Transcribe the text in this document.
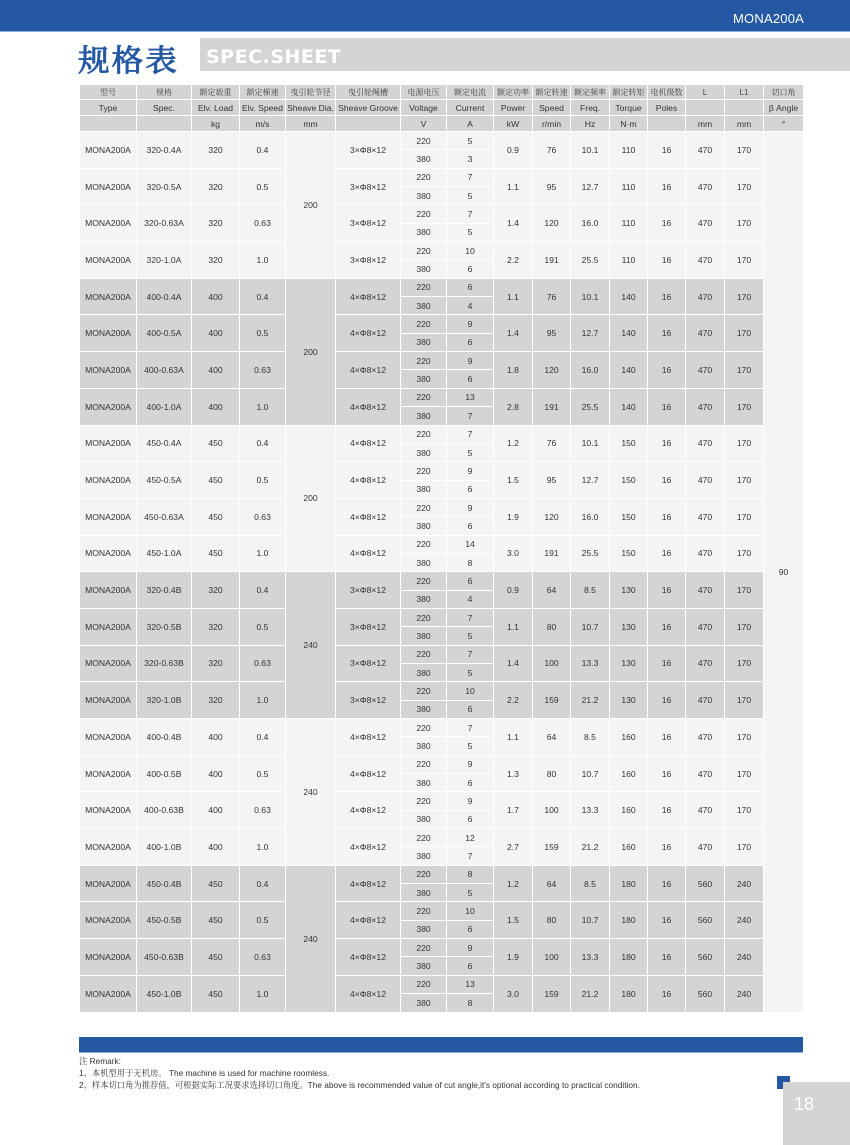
MONA200A
规格表 SPEC.SHEET
型号	规格	额定载重	额定梯速	曳引轮节径	曳引轮绳槽	电源电压	额定电流	额定功率	额定转速	额定频率	额定转矩	电机级数	L	L1	切口角
Type	Spec.	Elv. Load	Elv. Speed	Sheave Dia.	Sheave Groove	Voltage	Current	Power	Speed	Freq.	Torque	Poles			β Angle
		kg	m/s	mm		V	A	kW	r/min	Hz	N·m		mm	mm	°
MONA200A	320-0.4A	320	0.4	200	3×Φ8×12	220	5	0.9	76	10.1	110	16	470	170	90
						380	3								
MONA200A	320-0.5A	320	0.5		3×Φ8×12	220	7	1.1	95	12.7	110	16	470	170	
						380	5								
MONA200A	320-0.63A	320	0.63		3×Φ8×12	220	7	1.4	120	16.0	110	16	470	170	
						380	5								
MONA200A	320-1.0A	320	1.0		3×Φ8×12	220	10	2.2	191	25.5	110	16	470	170	
						380	6								
MONA200A	400-0.4A	400	0.4	200	4×Φ8×12	220	6	1.1	76	10.1	140	16	470	170	
						380	4								
MONA200A	400-0.5A	400	0.5		4×Φ8×12	220	9	1.4	95	12.7	140	16	470	170	
						380	6								
MONA200A	400-0.63A	400	0.63		4×Φ8×12	220	9	1.8	120	16.0	140	16	470	170	
						380	6								
MONA200A	400-1.0A	400	1.0		4×Φ8×12	220	13	2.8	191	25.5	140	16	470	170	
						380	7								
MONA200A	450-0.4A	450	0.4	200	4×Φ8×12	220	7	1.2	76	10.1	150	16	470	170	
						380	5								
MONA200A	450-0.5A	450	0.5		4×Φ8×12	220	9	1.5	95	12.7	150	16	470	170	
						380	6								
MONA200A	450-0.63A	450	0.63		4×Φ8×12	220	9	1.9	120	16.0	150	16	470	170	
						380	6								
MONA200A	450-1.0A	450	1.0		4×Φ8×12	220	14	3.0	191	25.5	150	16	470	170	
						380	8								
MONA200A	320-0.4B	320	0.4	240	3×Φ8×12	220	6	0.9	64	8.5	130	16	470	170	
						380	4								
MONA200A	320-0.5B	320	0.5		3×Φ8×12	220	7	1.1	80	10.7	130	16	470	170	
						380	5								
MONA200A	320-0.63B	320	0.63		3×Φ8×12	220	7	1.4	100	13.3	130	16	470	170	
						380	5								
MONA200A	320-1.0B	320	1.0		3×Φ8×12	220	10	2.2	159	21.2	130	16	470	170	
						380	6								
MONA200A	400-0.4B	400	0.4	240	4×Φ8×12	220	7	1.1	64	8.5	160	16	470	170	
						380	5								
MONA200A	400-0.5B	400	0.5		4×Φ8×12	220	9	1.3	80	10.7	160	16	470	170	
						380	6								
MONA200A	400-0.63B	400	0.63		4×Φ8×12	220	9	1.7	100	13.3	160	16	470	170	
						380	6								
MONA200A	400-1.0B	400	1.0		4×Φ8×12	220	12	2.7	159	21.2	160	16	470	170	
						380	7								
MONA200A	450-0.4B	450	0.4	240	4×Φ8×12	220	8	1.2	64	8.5	180	16	560	240	
						380	5								
MONA200A	450-0.5B	450	0.5		4×Φ8×12	220	10	1.5	80	10.7	180	16	560	240	
						380	6								
MONA200A	450-0.63B	450	0.63		4×Φ8×12	220	9	1.9	100	13.3	180	16	560	240	
						380	6								
MONA200A	450-1.0B	450	1.0		4×Φ8×12	220	13	3.0	159	21.2	180	16	560	240	
						380	8								
注 Remark:
1、本机型用于无机房。 The machine is used for machine roomless.
2、样本切口角为推荐值，可根据实际工况要求选择切口角度。The above is recommended value of cut angle,it's optional according to practical condition.
18
